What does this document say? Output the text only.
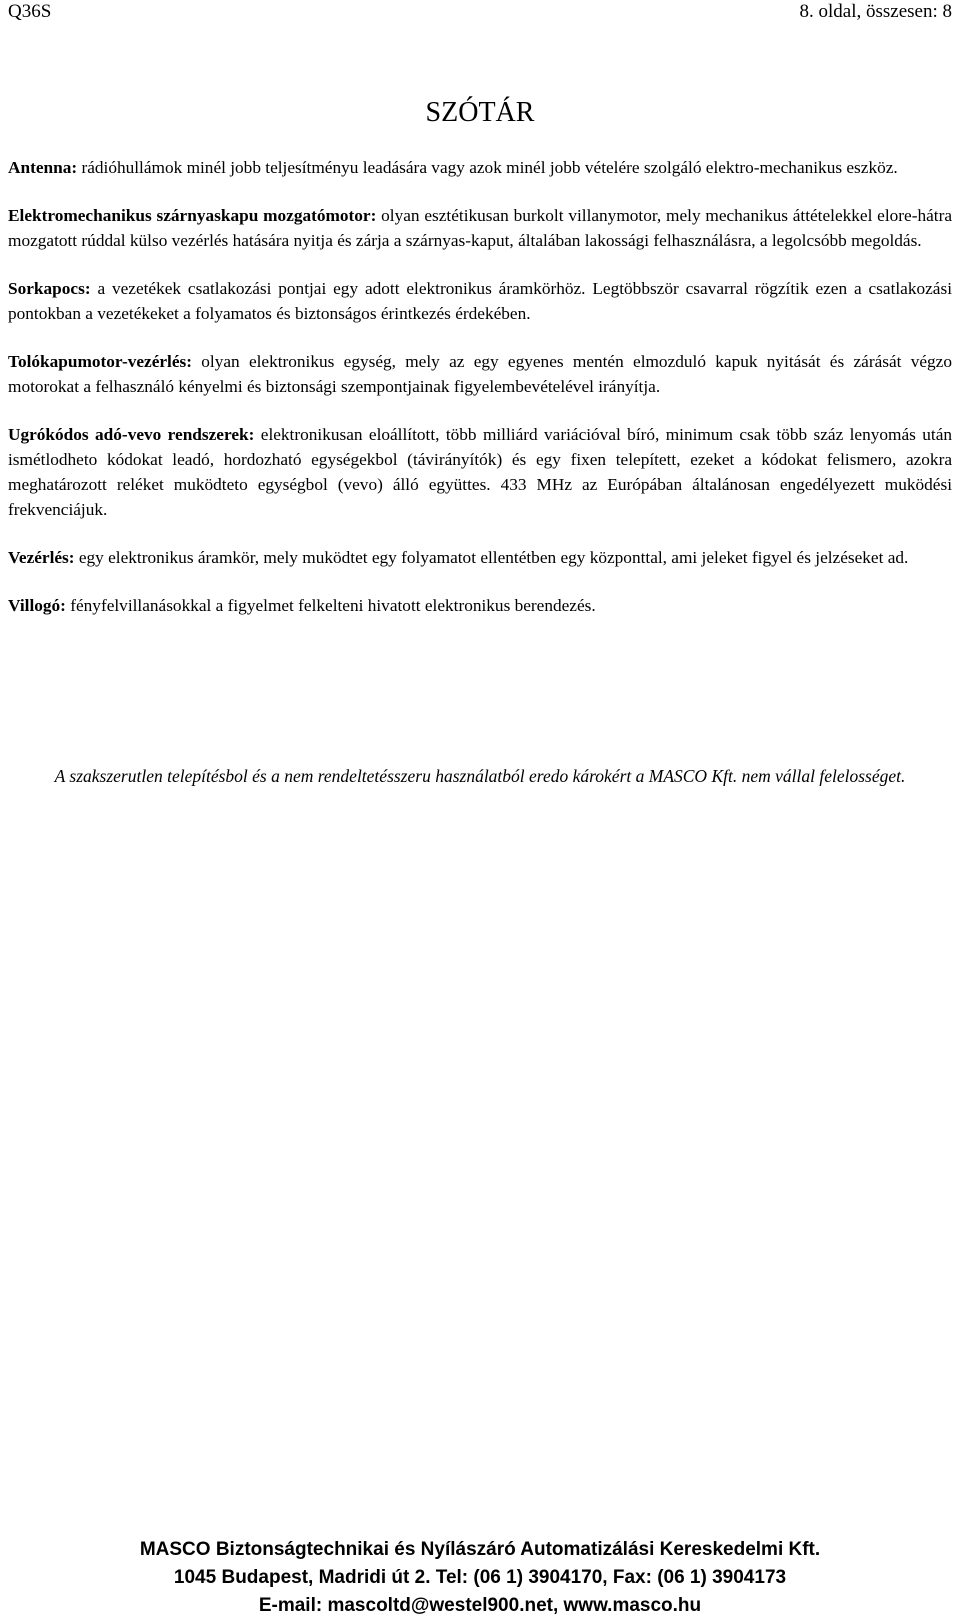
Q36S	8. oldal, összesen: 8
SZÓTÁR

Antenna: rádióhullámok minél jobb teljesítményu leadására vagy azok minél jobb vételére szolgáló elektro-mechanikus eszköz.

Elektromechanikus szárnyaskapu mozgatómotor: olyan esztétikusan burkolt villanymotor, mely mechanikus áttételekkel elore-hátra mozgatott rúddal külso vezérlés hatására nyitja és zárja a szárnyas-kaput, általában lakossági felhasználásra, a legolcsóbb megoldás.

Sorkapocs: a vezetékek csatlakozási pontjai egy adott elektronikus áramkörhöz. Legtöbbször csavarral rögzítik ezen a csatlakozási pontokban a vezetékeket a folyamatos és biztonságos érintkezés érdekében.

Tolókapumotor-vezérlés: olyan elektronikus egység, mely az egy egyenes mentén elmozduló kapuk nyitását és zárását végzo motorokat a felhasználó kényelmi és biztonsági szempontjainak figyelembevételével irányítja.

Ugrókódos adó-vevo rendszerek: elektronikusan eloállított, több milliárd variációval bíró, minimum csak több száz lenyomás után ismétlodheto kódokat leadó, hordozható egységekbol (távirányítók) és egy fixen telepített, ezeket a kódokat felismero, azokra meghatározott reléket muködteto egységbol (vevo) álló együttes. 433 MHz az Európában általánosan engedélyezett muködési frekvenciájuk.

Vezérlés: egy elektronikus áramkör, mely muködtet egy folyamatot ellentétben egy központtal, ami jeleket figyel és jelzéseket ad.

Villogó: fényfelvillanásokkal a figyelmet felkelteni hivatott elektronikus berendezés.

A szakszerutlen telepítésbol és a nem rendeltetésszeru használatból eredo károkért a MASCO Kft. nem vállal felelosséget.
MASCO Biztonságtechnikai és Nyílászáró Automatizálási Kereskedelmi Kft.
1045 Budapest, Madridi út 2. Tel: (06 1) 3904170, Fax: (06 1) 3904173
E-mail: mascoltd@westel900.net, www.masco.hu
